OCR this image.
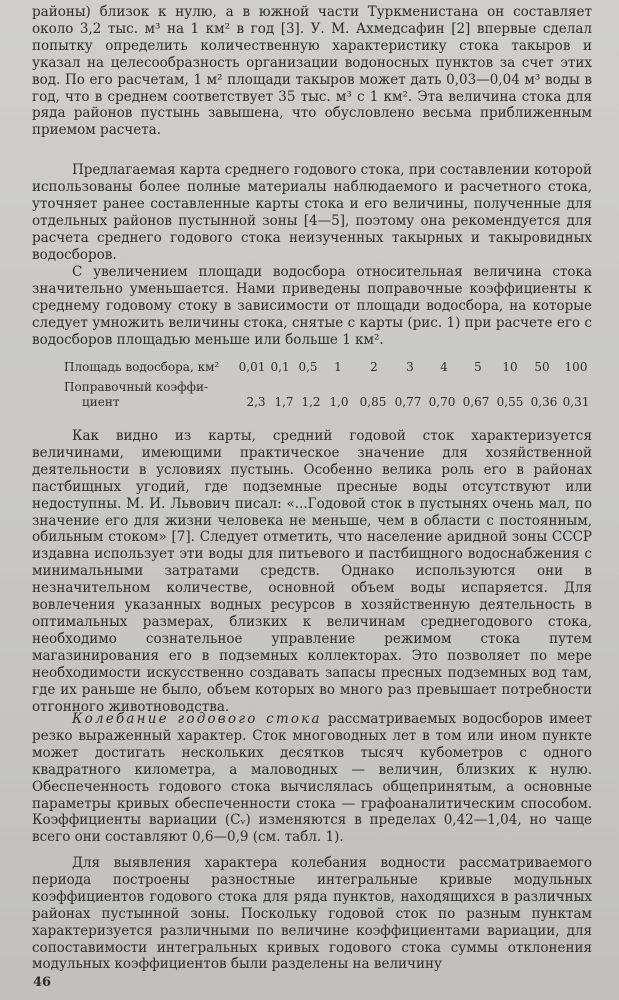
районы) близок к нулю, а в южной части Туркменистана он составляет около 3,2 тыс. м³ на 1 км² в год [3]. У. М. Ахмедсафин [2] впервые сделал попытку определить количественную характеристику стока такыров и указал на целесообразность организации водоносных пунктов за счет этих вод. По его расчетам, 1 м² площади такыров может дать 0,03—0,04 м³ воды в год, что в среднем соответствует 35 тыс. м³ с 1 км². Эта величина стока для ряда районов пустынь завышена, что обусловлено весьма приближенным приемом расчета.

Предлагаемая карта среднего годового стока, при составлении которой использованы более полные материалы наблюдаемого и расчетного стока, уточняет ранее составленные карты стока и его величины, полученные для отдельных районов пустынной зоны [4—5], поэтому она рекомендуется для расчета среднего годового стока неизученных такырных и такыровидных водосборов.

С увеличением площади водосбора относительная величина стока значительно уменьшается. Нами приведены поправочные коэффициенты к среднему годовому стоку в зависимости от площади водосбора, на которые следует умножить величины стока, снятые с карты (рис. 1) при расчете его с водосборов площадью меньше или больше 1 км².

Площадь водосбора, км²	0,01 0,1 0,5	1	2	3	4	5	10	50	100
Поправочный коэффи-
циент	2,3 1,7 1,2 1,0 0,85 0,77 0,70 0,67 0,55 0,36 0,31

Как видно из карты, средний годовой сток характеризуется величинами, имеющими практическое значение для хозяйственной деятельности в условиях пустынь. Особенно велика роль его в районах пастбищных угодий, где подземные пресные воды отсутствуют или недоступны. М. И. Львович писал: «...Годовой сток в пустынях очень мал, по значение его для жизни человека не меньше, чем в области с постоянным, обильным стоком» [7]. Следует отметить, что население аридной зоны СССР издавна использует эти воды для питьевого и пастбищного водоснабжения с минимальными затратами средств. Однако используются они в незначительном количестве, основной объем воды испаряется. Для вовлечения указанных водных ресурсов в хозяйственную деятельность в оптимальных размерах, близких к величинам среднегодового стока, необходимо сознательное управление режимом стока путем магазинирования его в подземных коллекторах. Это позволяет по мере необходимости искусственно создавать запасы пресных подземных вод там, где их раньше не было, объем которых во много раз превышает потребности отгонного животноводства.

Колебание годового стока рассматриваемых водосборов имеет резко выраженный характер. Сток многоводных лет в том или ином пункте может достигать нескольких десятков тысяч кубометров с одного квадратного километра, а маловодных — величин, близких к нулю. Обеспеченность годового стока вычислялась общепринятым, а основные параметры кривых обеспеченности стока — графоаналитическим способом. Коэффициенты вариации (Cᵥ) изменяются в пределах 0,42—1,04, но чаще всего они составляют 0,6—0,9 (см. табл. 1).

Для выявления характера колебания водности рассматриваемого периода построены разностные интегральные кривые модульных коэффициентов годового стока для ряда пунктов, находящихся в различных районах пустынной зоны. Поскольку годовой сток по разным пунктам характеризуется различными по величине коэффициентами вариации, для сопоставимости интегральных кривых годового стока суммы отклонения модульных коэффициентов были разделены на величину

46
